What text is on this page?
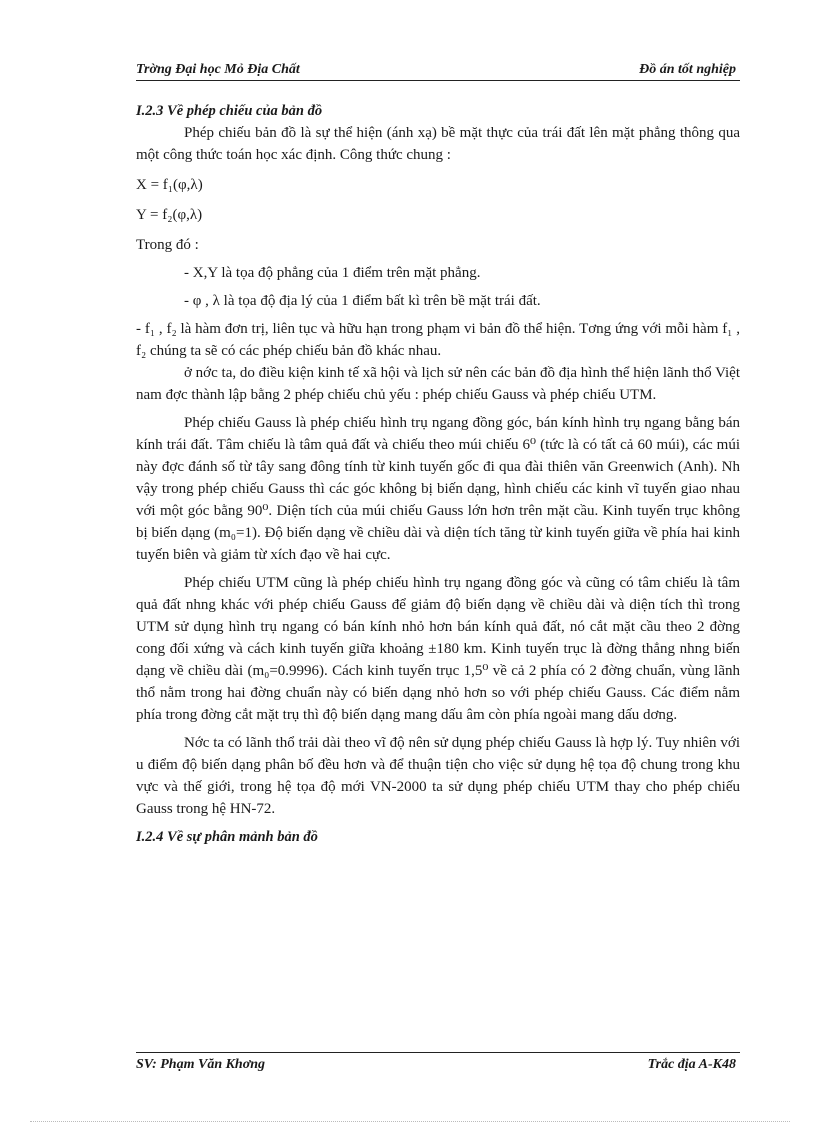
Trờng Đại học Mỏ Địa Chất	Đồ án tốt nghiệp

I.2.3 Về phép chiếu của bản đồ

Phép chiếu bản đồ là sự thể hiện (ánh xạ) bề mặt thực của trái đất lên mặt phẳng thông qua một công thức toán học xác định. Công thức chung :

X = f₁(φ,λ)

Y = f₂(φ,λ)

Trong đó :

- X,Y là tọa độ phẳng của 1 điểm trên mặt phẳng.

- φ , λ là tọa độ địa lý của 1 điểm bất kì trên bề mặt trái đất.

- f₁ , f₂ là hàm đơn trị, liên tục và hữu hạn trong phạm vi bản đồ thể hiện. Tơng ứng với mỗi hàm f₁ , f₂ chúng ta sẽ có các phép chiếu bản đồ khác nhau.

ở nớc ta, do điều kiện kinh tế xã hội và lịch sử nên các bản đồ địa hình thể hiện lãnh thổ Việt nam đợc thành lập bằng 2 phép chiếu chủ yếu : phép chiếu Gauss và phép chiếu UTM.

Phép chiếu Gauss là phép chiếu hình trụ ngang đồng góc, bán kính hình trụ ngang bằng bán kính trái đất. Tâm chiếu là tâm quả đất và chiếu theo múi chiếu 6⁰ (tức là có tất cả 60 múi), các múi này đợc đánh số từ tây sang đông tính từ kinh tuyến gốc đi qua đài thiên văn Greenwich (Anh). Nh vậy trong phép chiếu Gauss thì các góc không bị biến dạng, hình chiếu các kinh vĩ tuyến giao nhau với một góc bằng 90⁰. Diện tích của múi chiếu Gauss lớn hơn trên mặt cầu. Kinh tuyến trục không bị biến dạng (m₀=1). Độ biến dạng về chiều dài và diện tích tăng từ kinh tuyến giữa về phía hai kinh tuyến biên và giảm từ xích đạo về hai cực.

Phép chiếu UTM cũng là phép chiếu hình trụ ngang đồng góc và cũng có tâm chiếu là tâm quả đất nhng khác với phép chiếu Gauss để giảm độ biến dạng về chiều dài và diện tích thì trong UTM sử dụng hình trụ ngang có bán kính nhỏ hơn bán kính quả đất, nó cắt mặt cầu theo 2 đờng cong đối xứng và cách kinh tuyến giữa khoảng ±180 km. Kinh tuyến trục là đờng thẳng nhng biến dạng về chiều dài (m₀=0.9996). Cách kinh tuyến trục 1,5⁰ về cả 2 phía có 2 đờng chuẩn, vùng lãnh thổ nằm trong hai đờng chuẩn này có biến dạng nhỏ hơn so với phép chiếu Gauss. Các điểm nằm phía trong đờng cắt mặt trụ thì độ biến dạng mang dấu âm còn phía ngoài mang dấu dơng.

Nớc ta có lãnh thổ trải dài theo vĩ độ nên sử dụng phép chiếu Gauss là hợp lý. Tuy nhiên với u điểm độ biến dạng phân bố đều hơn và để thuận tiện cho việc sử dụng hệ tọa độ chung trong khu vực và thế giới, trong hệ tọa độ mới VN-2000 ta sử dụng phép chiếu UTM thay cho phép chiếu Gauss trong hệ HN-72.

I.2.4 Về sự phân mảnh bản đồ

SV: Phạm Văn Khơng	Trắc địa A-K48
